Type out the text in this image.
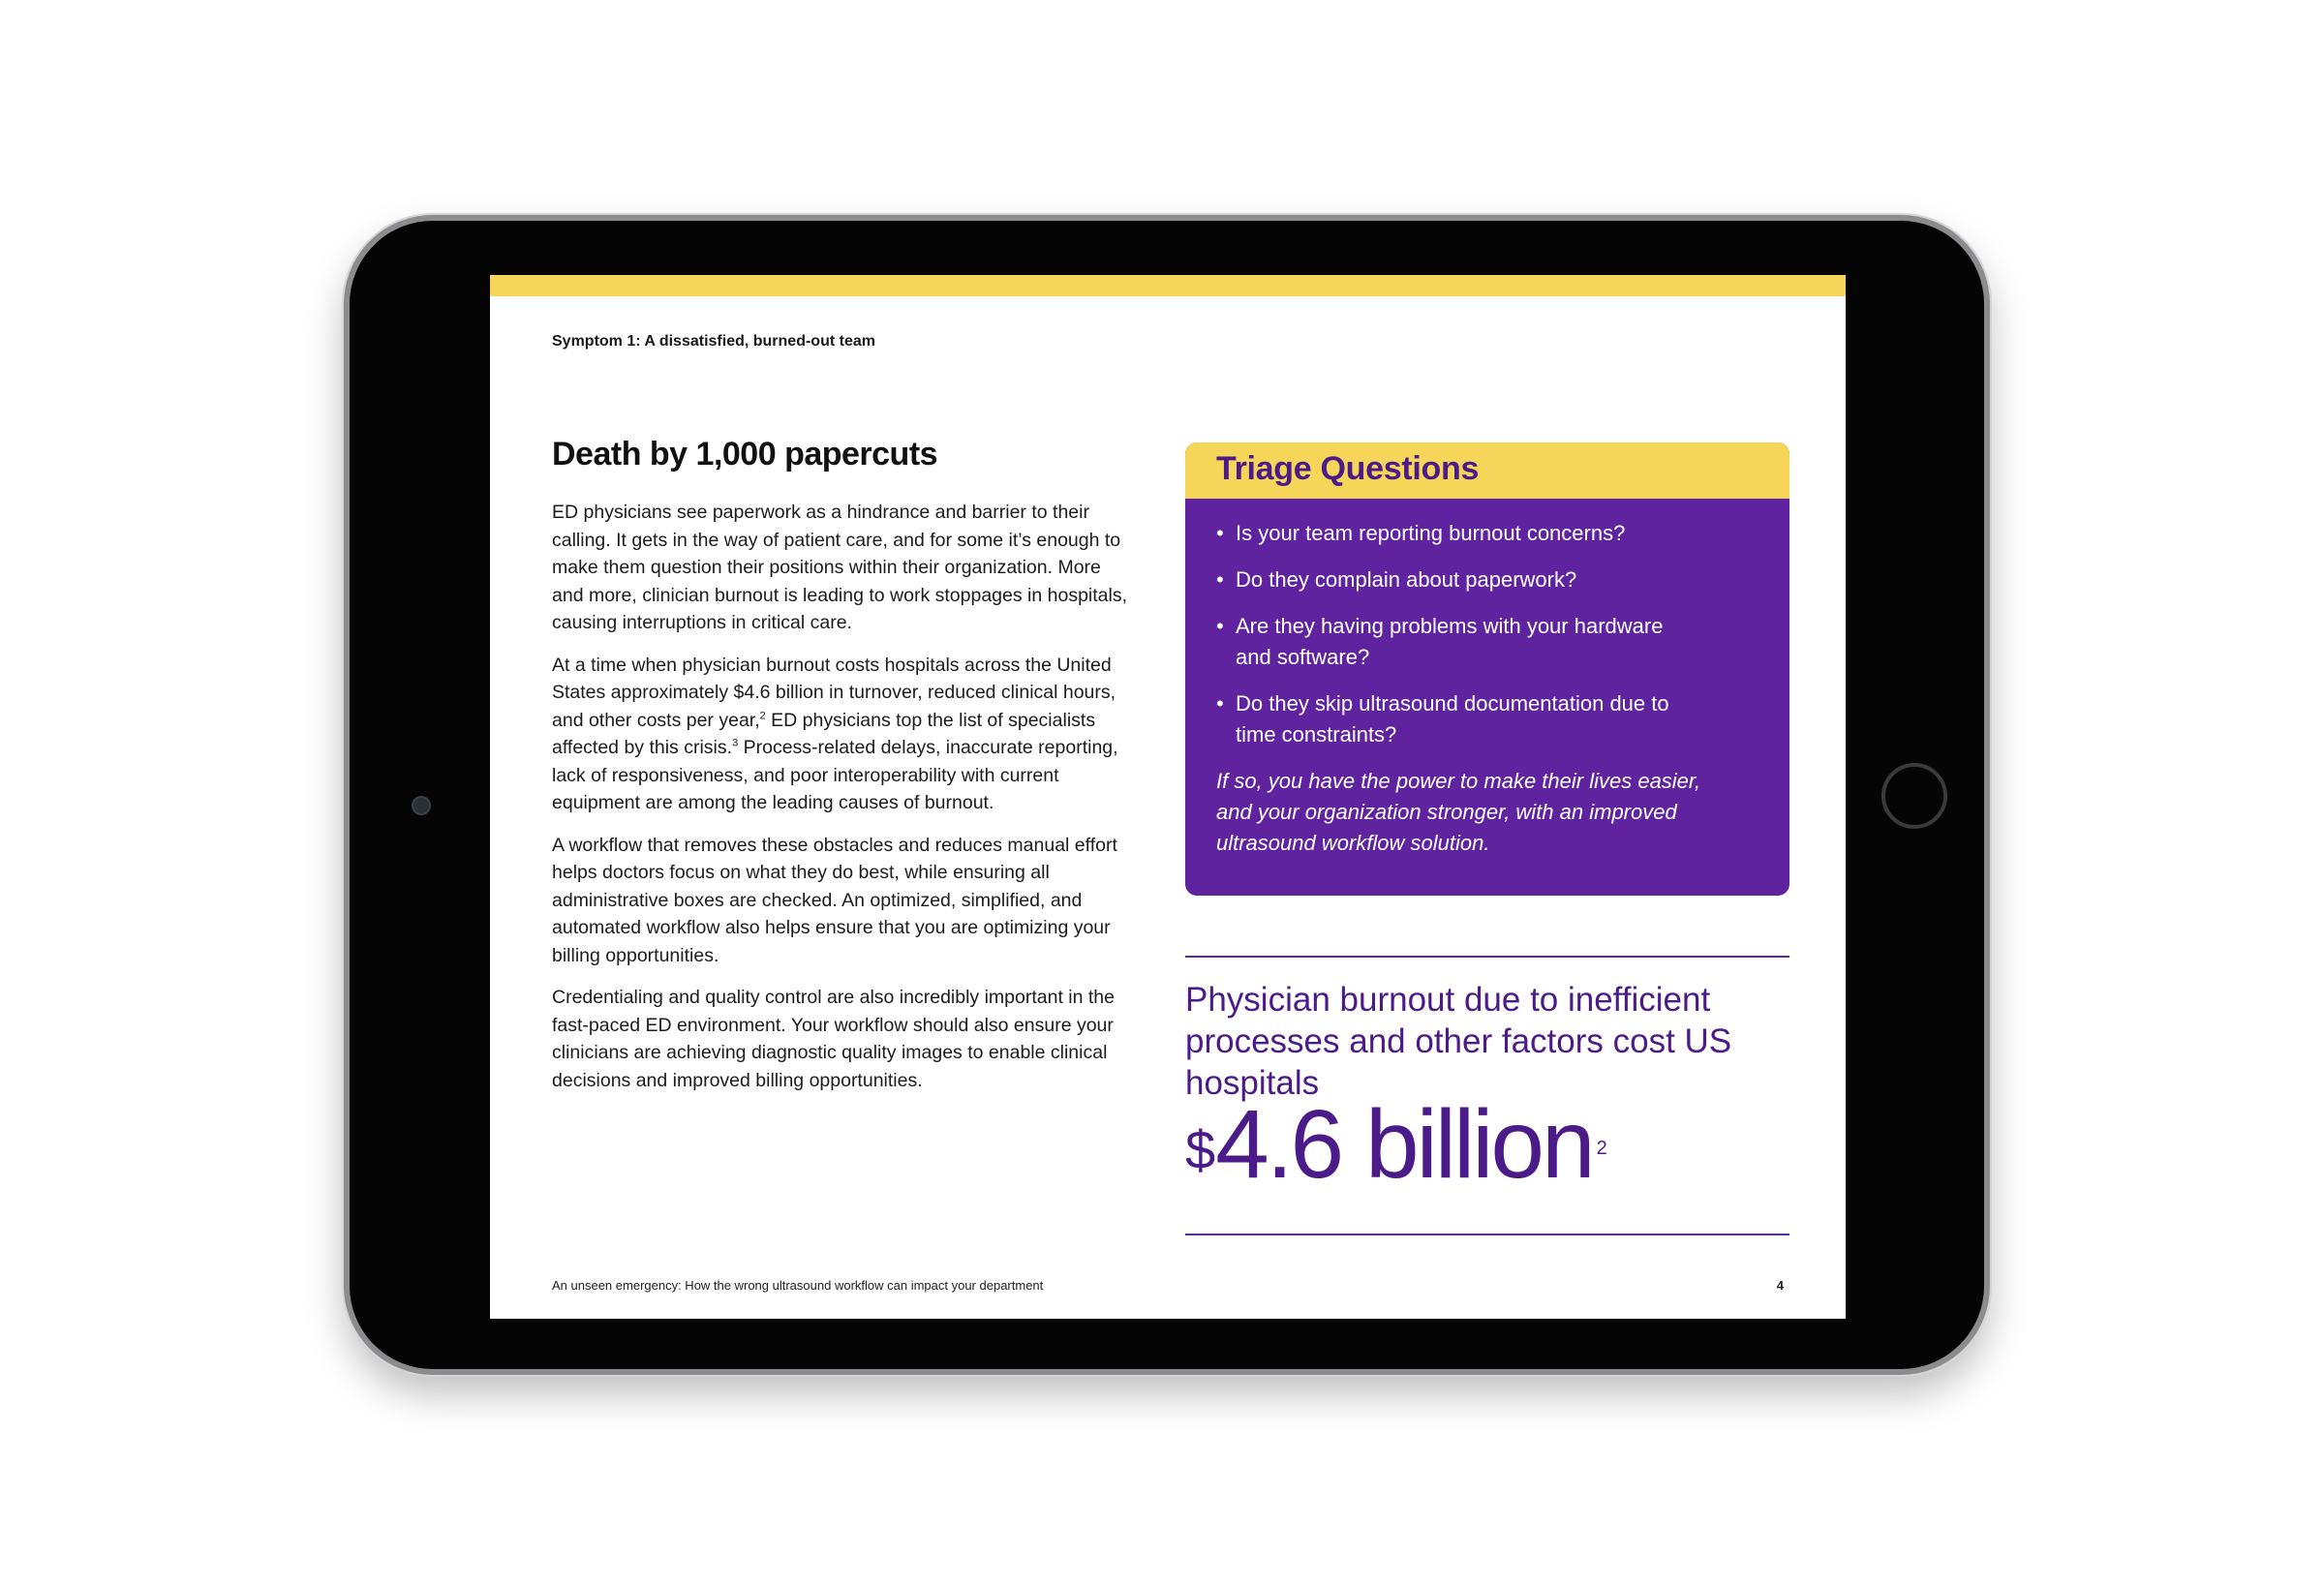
Symptom 1: A dissatisfied, burned-out team
Death by 1,000 papercuts

ED physicians see paperwork as a hindrance and barrier to their calling. It gets in the way of patient care, and for some it’s enough to make them question their positions within their organization. More and more, clinician burnout is leading to work stoppages in hospitals, causing interruptions in critical care.

At a time when physician burnout costs hospitals across the United States approximately $4.6 billion in turnover, reduced clinical hours, and other costs per year,$^2$ ED physicians top the list of specialists affected by this crisis.$^3$ Process-related delays, inaccurate reporting, lack of responsiveness, and poor interoperability with current equipment are among the leading causes of burnout.

A workflow that removes these obstacles and reduces manual effort helps doctors focus on what they do best, while ensuring all administrative boxes are checked. An optimized, simplified, and automated workflow also helps ensure that you are optimizing your billing opportunities.

Credentialing and quality control are also incredibly important in the fast-paced ED environment. Your workflow should also ensure your clinicians are achieving diagnostic quality images to enable clinical decisions and improved billing opportunities.

Triage Questions
• Is your team reporting burnout concerns?
• Do they complain about paperwork?
• Are they having problems with your hardware and software?
• Do they skip ultrasound documentation due to time constraints?
If so, you have the power to make their lives easier, and your organization stronger, with an improved ultrasound workflow solution.
Physician burnout due to inefficient processes and other factors cost US hospitals
$4.6 billion $^2$
An unseen emergency: How the wrong ultrasound workflow can impact your department	4
